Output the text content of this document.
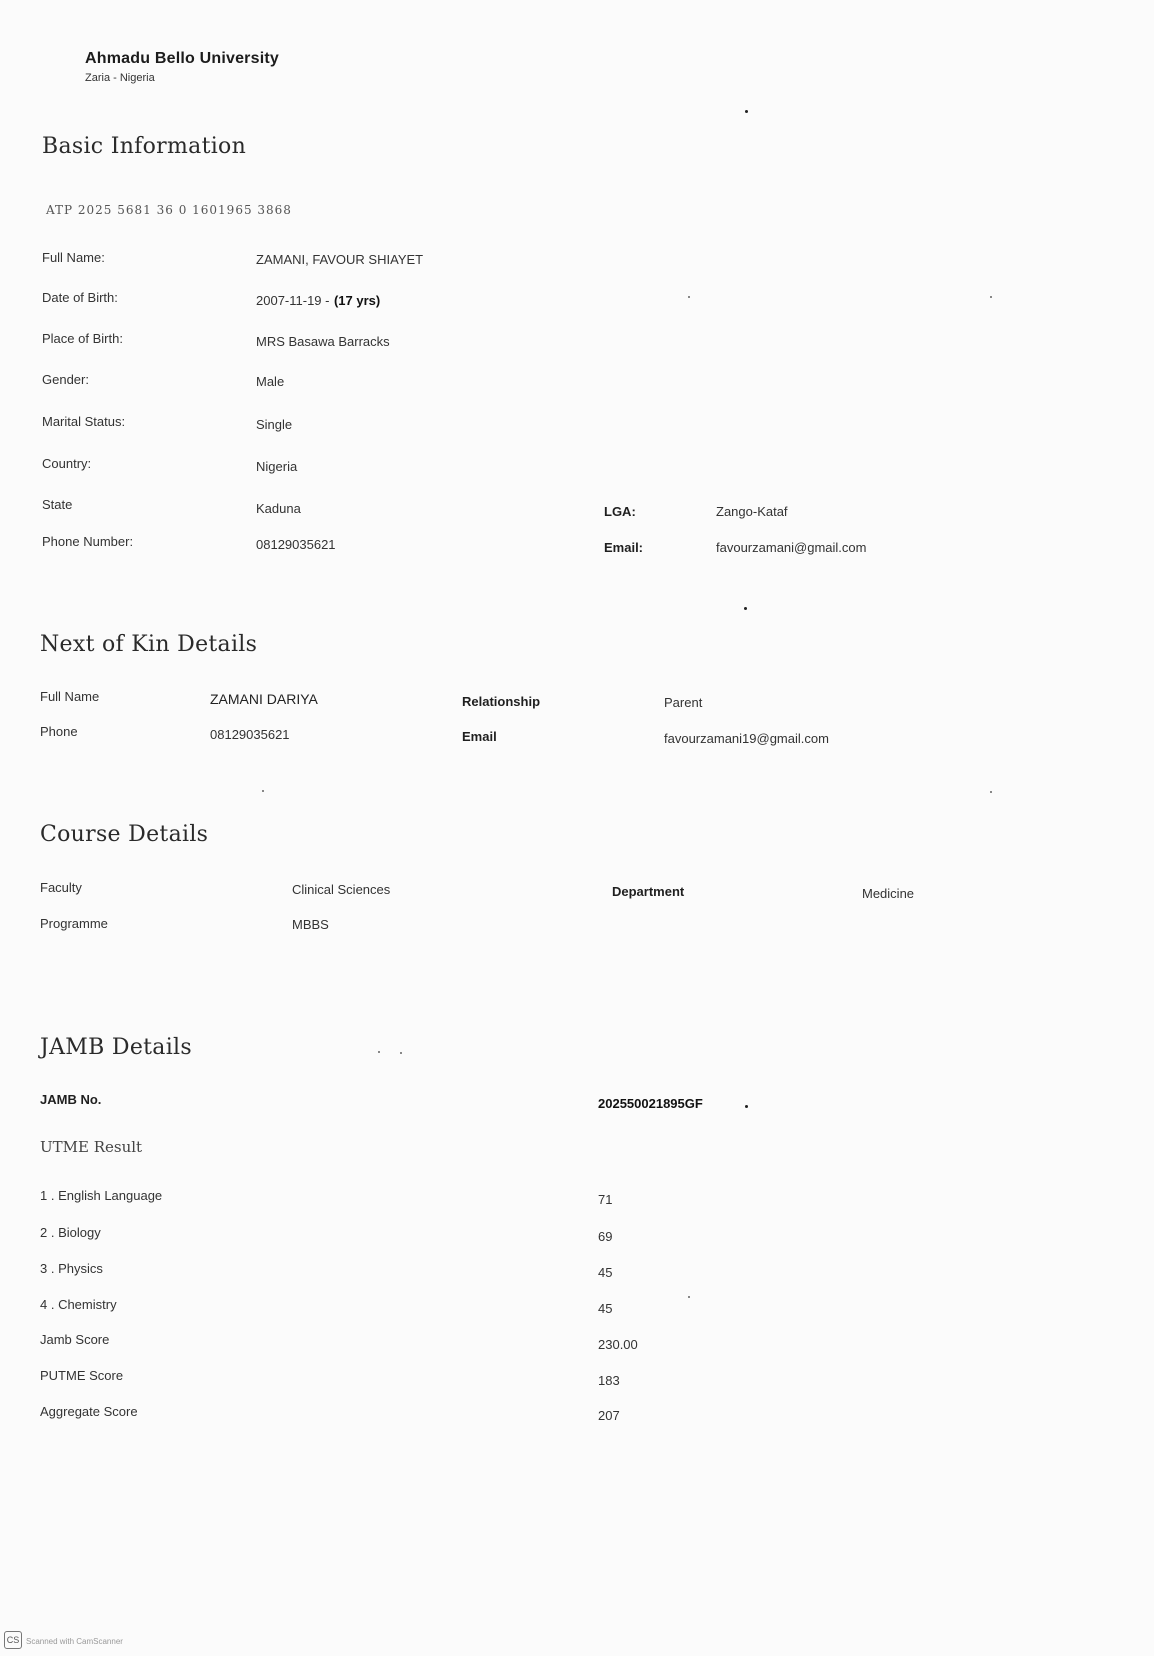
Ahmadu Bello University
Zaria - Nigeria
Basic Information
ATP 2025 5681 36 0 1601965 3868
Full Name:	ZAMANI, FAVOUR SHIAYET
Date of Birth:	2007-11-19 - (17 yrs)
Place of Birth:	MRS Basawa Barracks
Gender:	Male
Marital Status:	Single
Country:	Nigeria
State	Kaduna	LGA:	Zango-Kataf
Phone Number:	08129035621	Email:	favourzamani@gmail.com
Next of Kin Details
Full Name	ZAMANI DARIYA	Relationship	Parent
Phone	08129035621	Email	favourzamani19@gmail.com
Course Details
Faculty	Clinical Sciences	Department	Medicine
Programme	MBBS
JAMB Details
JAMB No.	202550021895GF
UTME Result
1 . English Language	71
2 . Biology	69
3 . Physics	45
4 . Chemistry	45
Jamb Score	230.00
PUTME Score	183
Aggregate Score	207
CS Scanned with CamScanner
